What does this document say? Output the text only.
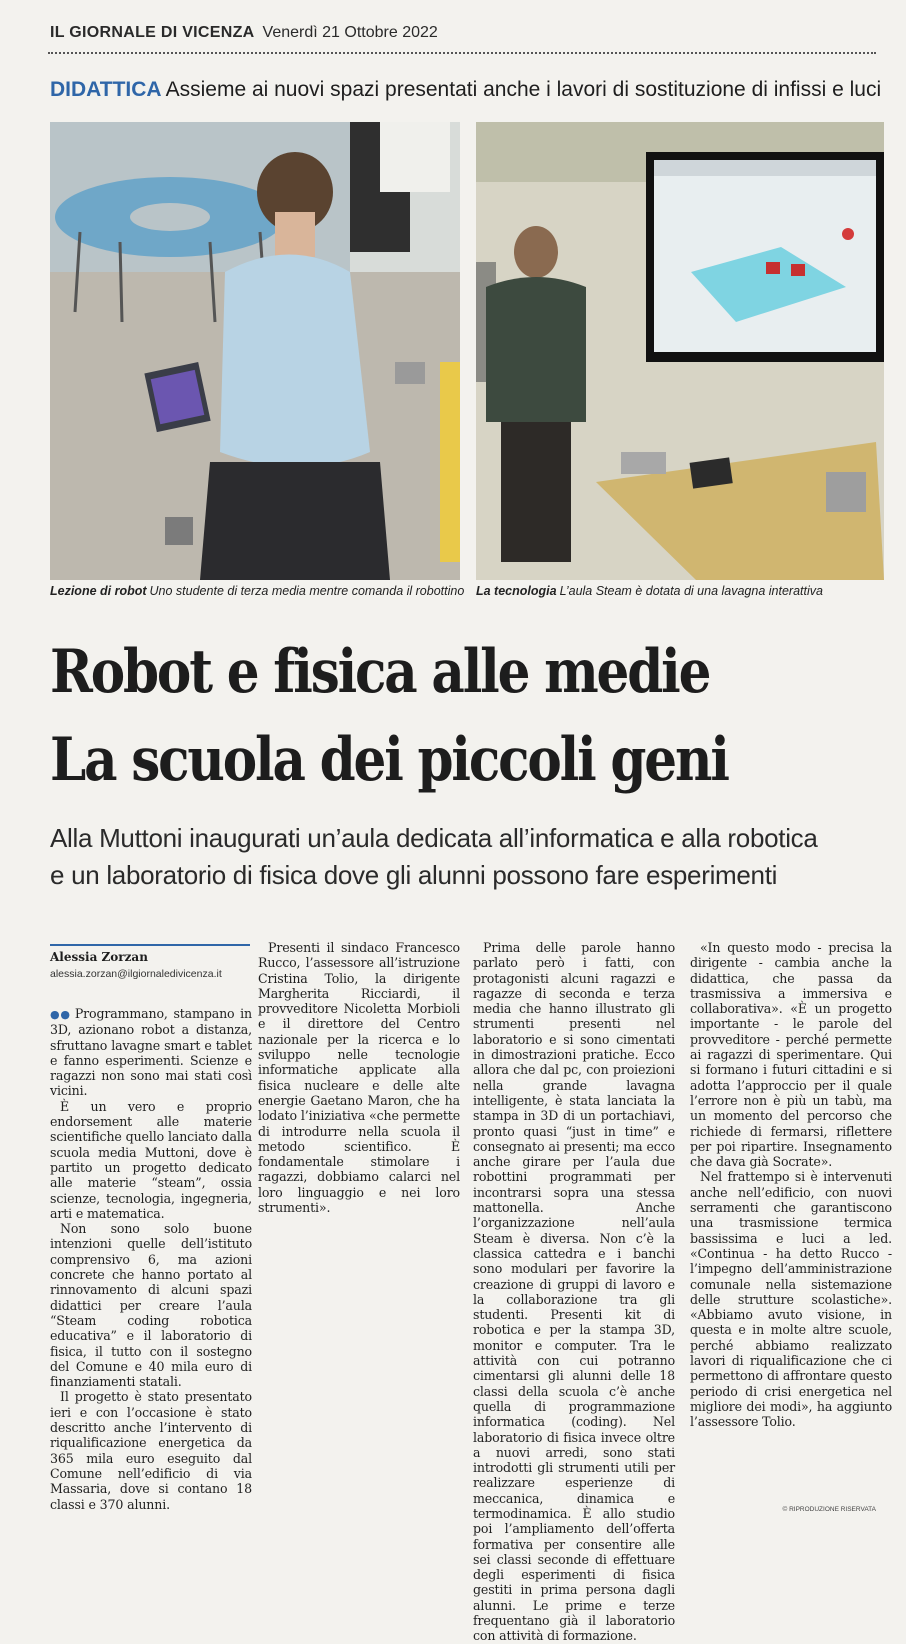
IL GIORNALE DI VICENZA Venerdì 21 Ottobre 2022
DIDATTICA Assieme ai nuovi spazi presentati anche i lavori di sostituzione di infissi e luci
Lezione di robot Uno studente di terza media mentre comanda il robottino La tecnologia L’aula Steam è dotata di una lavagna interattiva
Robot e fisica alle medie
La scuola dei piccoli geni
Alla Muttoni inaugurati un’aula dedicata all’informatica e alla robotica
e un laboratorio di fisica dove gli alunni possono fare esperimenti
Alessia Zorzan
alessia.zorzan@ilgiornaledivicenza.it

●● Programmano, stampano in 3D, azionano robot a distanza, sfruttano lavagne smart e tablet e fanno esperimenti. Scienze e ragazzi non sono mai stati così vicini.

È un vero e proprio endorsement alle materie scientifiche quello lanciato dalla scuola media Muttoni, dove è partito un progetto dedicato alle materie “steam”, ossia scienze, tecnologia, ingegneria, arti e matematica.

Non sono solo buone intenzioni quelle dell’istituto comprensivo 6, ma azioni concrete che hanno portato al rinnovamento di alcuni spazi didattici per creare l’aula “Steam coding robotica educativa” e il laboratorio di fisica, il tutto con il sostegno del Comune e 40 mila euro di finanziamenti statali.

Il progetto è stato presentato ieri e con l’occasione è stato descritto anche l’intervento di riqualificazione energetica da 365 mila euro eseguito dal Comune nell’edificio di via Massaria, dove si contano 18 classi e 370 alunni.

Presenti il sindaco Francesco Rucco, l’assessore all’istruzione Cristina Tolio, la dirigente Margherita Ricciardi, il provveditore Nicoletta Morbioli e il direttore del Centro nazionale per la ricerca e lo sviluppo nelle tecnologie informatiche applicate alla fisica nucleare e delle alte energie Gaetano Maron, che ha lodato l’iniziativa «che permette di introdurre nella scuola il metodo scientifico. È fondamentale stimolare i ragazzi, dobbiamo calarci nel loro linguaggio e nei loro strumenti».

Prima delle parole hanno parlato però i fatti, con protagonisti alcuni ragazzi e ragazze di seconda e terza media che hanno illustrato gli strumenti presenti nel laboratorio e si sono cimentati in dimostrazioni pratiche. Ecco allora che dal pc, con proiezioni nella grande lavagna intelligente, è stata lanciata la stampa in 3D di un portachiavi, pronto quasi “just in time” e consegnato ai presenti; ma ecco anche girare per l’aula due robottini programmati per incontrarsi sopra una stessa mattonella. Anche l’organizzazione nell’aula Steam è diversa. Non c’è la classica cattedra e i banchi sono modulari per favorire la creazione di gruppi di lavoro e la collaborazione tra gli studenti. Presenti kit di robotica e per la stampa 3D, monitor e computer. Tra le attività con cui potranno cimentarsi gli alunni delle 18 classi della scuola c’è anche quella di programmazione informatica (coding). Nel laboratorio di fisica invece oltre a nuovi arredi, sono stati introdotti gli strumenti utili per realizzare esperienze di meccanica, dinamica e termodinamica. È allo studio poi l’ampliamento dell’offerta formativa per consentire alle sei classi seconde di effettuare degli esperimenti di fisica gestiti in prima persona dagli alunni. Le prime e terze frequentano già il laboratorio con attività di formazione.

«In questo modo - precisa la dirigente - cambia anche la didattica, che passa da trasmissiva a immersiva e collaborativa». «È un progetto importante - le parole del provveditore - perché permette ai ragazzi di sperimentare. Qui si formano i futuri cittadini e si adotta l’approccio per il quale l’errore non è più un tabù, ma un momento del percorso che richiede di fermarsi, riflettere per poi ripartire. Insegnamento che dava già Socrate».

Nel frattempo si è intervenuti anche nell’edificio, con nuovi serramenti che garantiscono una trasmissione termica bassissima e luci a led. «Continua - ha detto Rucco - l’impegno dell’amministrazione comunale nella sistemazione delle strutture scolastiche». «Abbiamo avuto visione, in questa e in molte altre scuole, perché abbiamo realizzato lavori di riqualificazione che ci permettono di affrontare questo periodo di crisi energetica nel migliore dei modi», ha aggiunto l’assessore Tolio.

© RIPRODUZIONE RISERVATA
